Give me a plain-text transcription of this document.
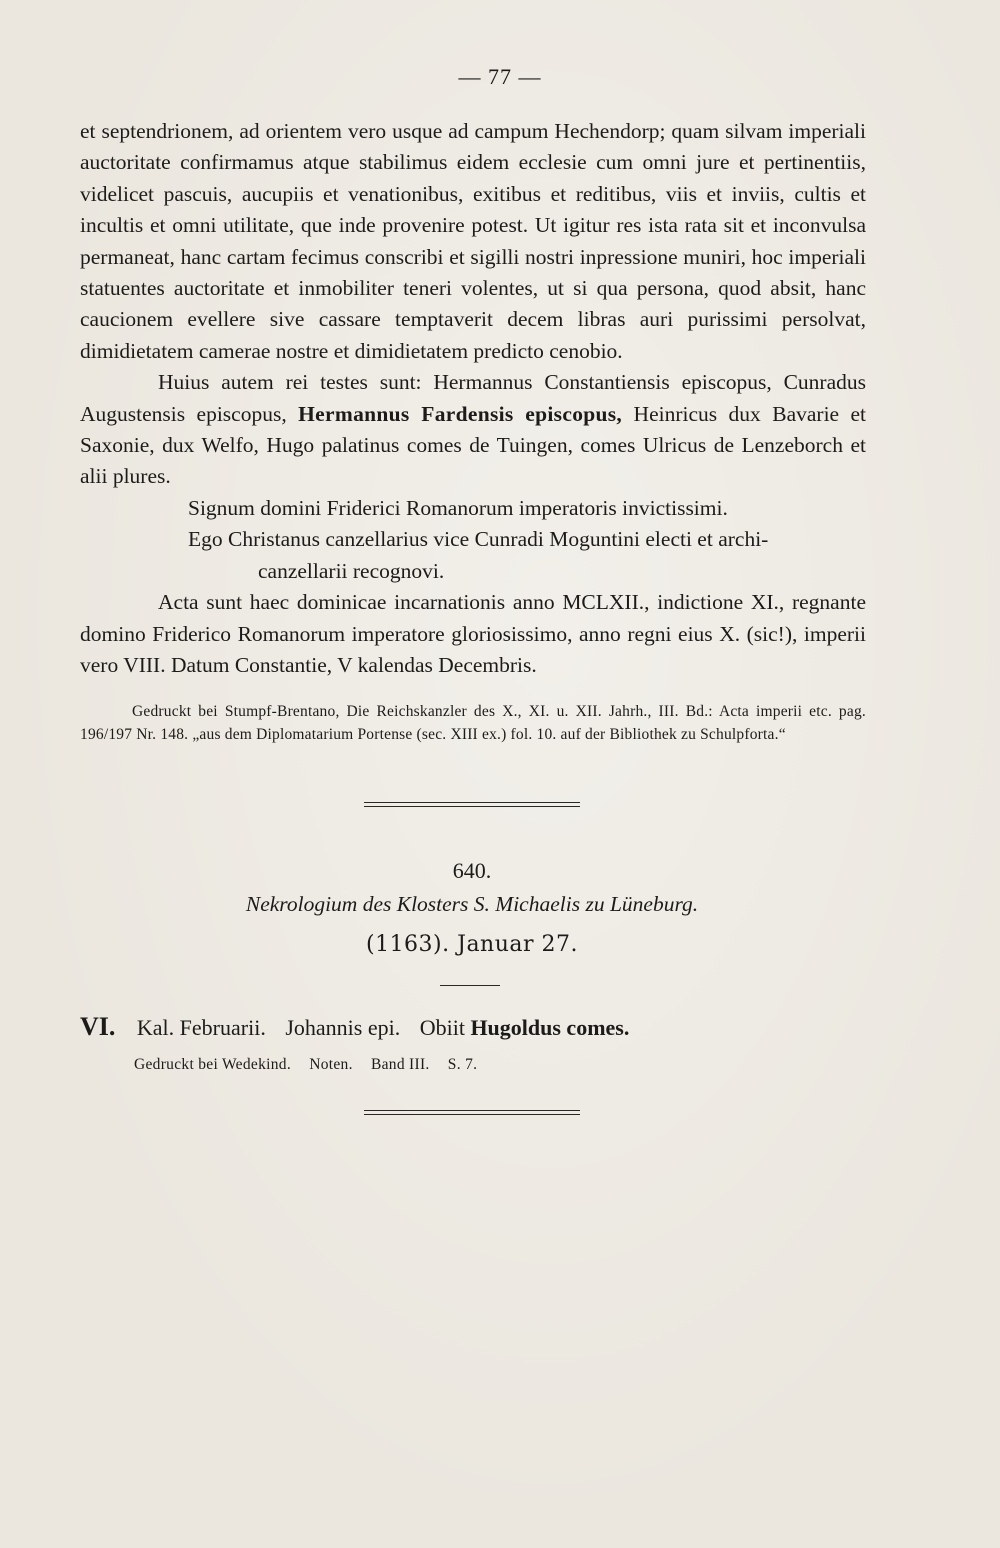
— 77 —

et septendrionem, ad orientem vero usque ad campum Hechendorp; quam silvam imperiali auctoritate confirmamus atque stabilimus eidem ecclesie cum omni jure et pertinentiis, videlicet pascuis, aucupiis et venationibus, exitibus et reditibus, viis et inviis, cultis et incultis et omni utilitate, que inde provenire potest. Ut igitur res ista rata sit et inconvulsa permaneat, hanc cartam fecimus conscribi et sigilli nostri inpressione muniri, hoc imperiali statuentes auctoritate et inmobiliter teneri volentes, ut si qua persona, quod absit, hanc caucionem evellere sive cassare temptaverit decem libras auri purissimi persolvat, dimidietatem camerae nostre et dimidietatem predicto cenobio.

Huius autem rei testes sunt: Hermannus Constantiensis episcopus, Cunradus Augustensis episcopus, Hermannus Fardensis episcopus, Heinricus dux Bavarie et Saxonie, dux Welfo, Hugo palatinus comes de Tuingen, comes Ulricus de Lenzeborch et alii plures.

Signum domini Friderici Romanorum imperatoris invictissimi.

Ego Christanus canzellarius vice Cunradi Moguntini electi et archi-
canzellarii recognovi.

Acta sunt haec dominicae incarnationis anno MCLXII., indictione XI., regnante domino Friderico Romanorum imperatore gloriosissimo, anno regni eius X. (sic!), imperii vero VIII. Datum Constantie, V kalendas Decembris.

Gedruckt bei Stumpf-Brentano, Die Reichskanzler des X., XI. u. XII. Jahrh., III. Bd.: Acta imperii etc. pag. 196/197 Nr. 148. „aus dem Diplomatarium Portense (sec. XIII ex.) fol. 10. auf der Bibliothek zu Schulpforta.“

640.
Nekrologium des Klosters S. Michaelis zu Lüneburg.
(1163). Januar 27.
VI. Kal. Februarii. Johannis epi. Obiit Hugoldus comes.
Gedruckt bei Wedekind. Noten. Band III. S. 7.
